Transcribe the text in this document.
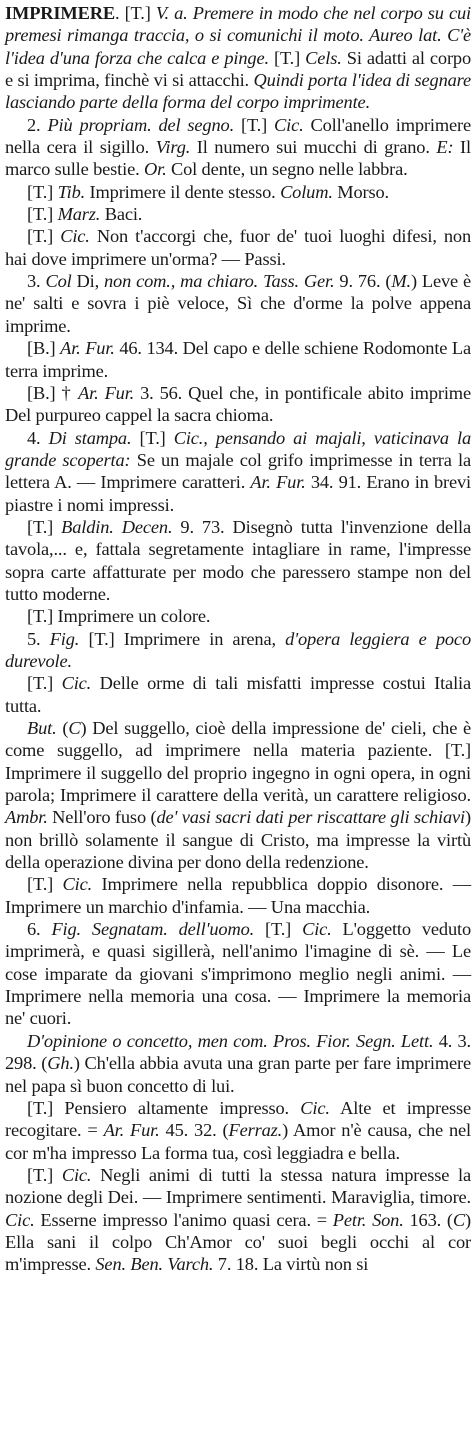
IMPRIMERE. [T.] V. a. Premere in modo che nel corpo su cui premesi rimanga traccia, o si comunichi il moto. Aureo lat. C'è l'idea d'una forza che calca e pinge. [T.] Cels. Si adatti al corpo e si imprima, finchè vi si attacchi. Quindi porta l'idea di segnare lasciando parte della forma del corpo imprimente.

2. Più propriam. del segno. [T.] Cic. Coll'anello imprimere nella cera il sigillo. Virg. Il numero sui mucchi di grano. E: Il marco sulle bestie. Or. Col dente, un segno nelle labbra.

[T.] Tib. Imprimere il dente stesso. Colum. Morso.

[T.] Marz. Baci.

[T.] Cic. Non t'accorgi che, fuor de' tuoi luoghi difesi, non hai dove imprimere un'orma? — Passi.

3. Col Di, non com., ma chiaro. Tass. Ger. 9. 76. (M.) Leve è ne' salti e sovra i piè veloce, Sì che d'orme la polve appena imprime.

[B.] Ar. Fur. 46. 134. Del capo e delle schiene Rodomonte La terra imprime.

[B.] † Ar. Fur. 3. 56. Quel che, in pontificale abito imprime Del purpureo cappel la sacra chioma.

4. Di stampa. [T.] Cic., pensando ai majali, vaticinava la grande scoperta: Se un majale col grifo imprimesse in terra la lettera A. — Imprimere caratteri. Ar. Fur. 34. 91. Erano in brevi piastre i nomi impressi.

[T.] Baldin. Decen. 9. 73. Disegnò tutta l'invenzione della tavola,... e, fattala segretamente intagliare in rame, l'impresse sopra carte affatturate per modo che paressero stampe non del tutto moderne.

[T.] Imprimere un colore.

5. Fig. [T.] Imprimere in arena, d'opera leggiera e poco durevole.

[T.] Cic. Delle orme di tali misfatti impresse costui Italia tutta.

But. (C) Del suggello, cioè della impressione de' cieli, che è come suggello, ad imprimere nella materia paziente. [T.] Imprimere il suggello del proprio ingegno in ogni opera, in ogni parola; Imprimere il carattere della verità, un carattere religioso. Ambr. Nell'oro fuso (de' vasi sacri dati per riscattare gli schiavi) non brillò solamente il sangue di Cristo, ma impresse la virtù della operazione divina per dono della redenzione.

[T.] Cic. Imprimere nella repubblica doppio disonore. — Imprimere un marchio d'infamia. — Una macchia.

6. Fig. Segnatam. dell'uomo. [T.] Cic. L'oggetto veduto imprimerà, e quasi sigillerà, nell'animo l'imagine di sè. — Le cose imparate da giovani s'imprimono meglio negli animi. — Imprimere nella memoria una cosa. — Imprimere la memoria ne' cuori.

D'opinione o concetto, men com. Pros. Fior. Segn. Lett. 4. 3. 298. (Gh.) Ch'ella abbia avuta una gran parte per fare imprimere nel papa sì buon concetto di lui.

[T.] Pensiero altamente impresso. Cic. Alte et impresse recogitare. = Ar. Fur. 45. 32. (Ferraz.) Amor n'è causa, che nel cor m'ha impresso La forma tua, così leggiadra e bella.

[T.] Cic. Negli animi di tutti la stessa natura impresse la nozione degli Dei. — Imprimere sentimenti. Maraviglia, timore. Cic. Esserne impresso l'animo quasi cera. = Petr. Son. 163. (C) Ella sani il colpo Ch'Amor co' suoi begli occhi al cor m'impresse. Sen. Ben. Varch. 7. 18. La virtù non si
